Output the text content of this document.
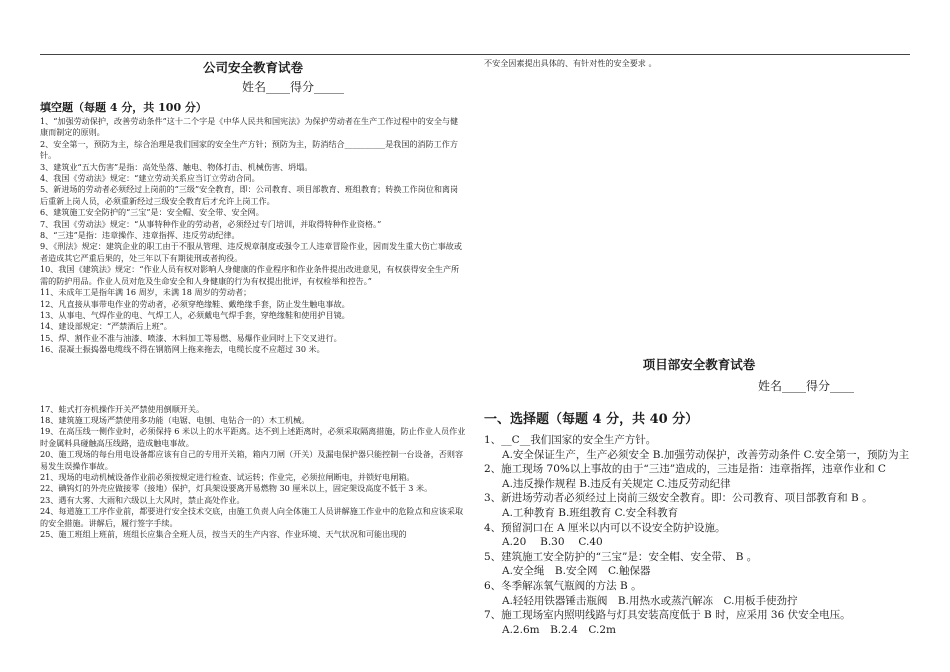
公司安全教育试卷

姓名____得分_____

填空题（每题 4 分，共 100 分）

1、“加强劳动保护，改善劳动条件”这十二个字是《中华人民共和国宪法》为保护劳动者在生产工作过程中的安全与健康而制定的原则。

2、安全第一，预防为主，综合治理是我们国家的安全生产方针；预防为主，防消结合__________是我国的消防工作方针。

3、建筑业“五大伤害”是指：高处坠落、触电、物体打击、机械伤害、坍塌。

4、我国《劳动法》规定：“建立劳动关系应当订立劳动合同。

5、新进场的劳动者必须经过上岗前的“三级”安全教育，即：公司教育、项目部教育、班组教育；转换工作岗位和离岗后重新上岗人员，必须重新经过三级安全教育后才允许上岗工作。

6、建筑施工安全防护的“三宝”是：安全帽、安全带、安全网。

7、我国《劳动法》规定：“从事特种作业的劳动者，必须经过专门培训，并取得特种作业资格。”

8、“三违”是指：违章操作、违章指挥、违反劳动纪律。

9、《刑法》规定：建筑企业的职工由于不服从管理、违反规章制度或强令工人违章冒险作业，因而发生重大伤亡事故或者造成其它严重后果的，处三年以下有期徒刑或者拘役。

10、我国《建筑法》规定：“作业人员有权对影响人身健康的作业程序和作业条件提出改进意见，有权获得安全生产所需的防护用品。作业人员对危及生命安全和人身健康的行为有权提出批评，有权检举和控告。”

11、未成年工是指年满 16 周岁，未满 18 周岁的劳动者；

12、凡直接从事带电作业的劳动者，必须穿绝缘鞋、戴绝缘手套，防止发生触电事故。

13、从事电、气焊作业的电、气焊工人，必须戴电气焊手套，穿绝缘鞋和使用护目镜。

14、建设部规定：“严禁酒后上班”。

15、焊、割作业不准与油漆、喷漆、木料加工等易燃、易爆作业同时上下交叉进行。

16、混凝土振捣器电缆线不得在钢筋网上拖来拖去，电缆长度不应超过 30 米。

17、蛙式打夯机操作开关严禁使用倒顺开关。

18、建筑施工现场严禁使用多功能（电锯、电刨、电钻合一的）木工机械。

19、在高压线一侧作业时，必须保持 6 米以上的水平距离。达不到上述距离时，必须采取隔离措施，防止作业人员作业时金属料具碰触高压线路，造成触电事故。

20、施工现场的每台用电设备都应该有自己的专用开关箱，箱内刀闸（开关）及漏电保护器只能控制一台设备，否则容易发生误操作事故。

21、现场的电动机械设备作业前必须按规定进行检查、试运转；作业完，必须拉闸断电，并锁好电闸箱。

22、碘钨灯的外壳应做接零（接地）保护，灯具架设要离开易燃物 30 厘米以上，固定架设高度不低于 3 米。

23、遇有大雾、大雨和六级以上大风时，禁止高处作业。

24、每道施工工序作业前，都要进行安全技术交底，由施工负责人向全体施工人员讲解施工作业中的危险点和应该采取的安全措施。讲解后，履行签字手续。

25、施工班组上班前，班组长应集合全班人员，按当天的生产内容、作业环境、天气状况和可能出现的

不安全因素提出具体的、有针对性的安全要求 。

项目部安全教育试卷

姓名____得分____

一、选择题（每题 4 分，共 40 分）

1、__C__我们国家的安全生产方针。

A.安全保证生产，生产必须安全 B.加强劳动保护，改善劳动条件 C.安全第一，预防为主

2、施工现场 70%以上事故的由于“三违”造成的，三违是指：违章指挥，违章作业和 C

A.违反操作规程 B.违反有关规定 C.违反劳动纪律

3、新进场劳动者必须经过上岗前三级安全教育。即：公司教育、项目部教育和 B 。

A.工种教育 B.班组教育 C.安全科教育

4、预留洞口在 A 厘米以内可以不设安全防护设施。

A.20　 B.30　 C.40

5、建筑施工安全防护的“三宝”是：安全帽、安全带、 B 。

A.安全绳　B.安全网　C.触保器

6、冬季解冻氧气瓶阀的方法 B 。

A.轻轻用铁器锤击瓶阀　B.用热水或蒸汽解冻　C.用板手使劲拧

7、施工现场室内照明线路与灯具安装高度低于 B 时，应采用 36 伏安全电压。

A.2.6m　B.2.4　C.2m
